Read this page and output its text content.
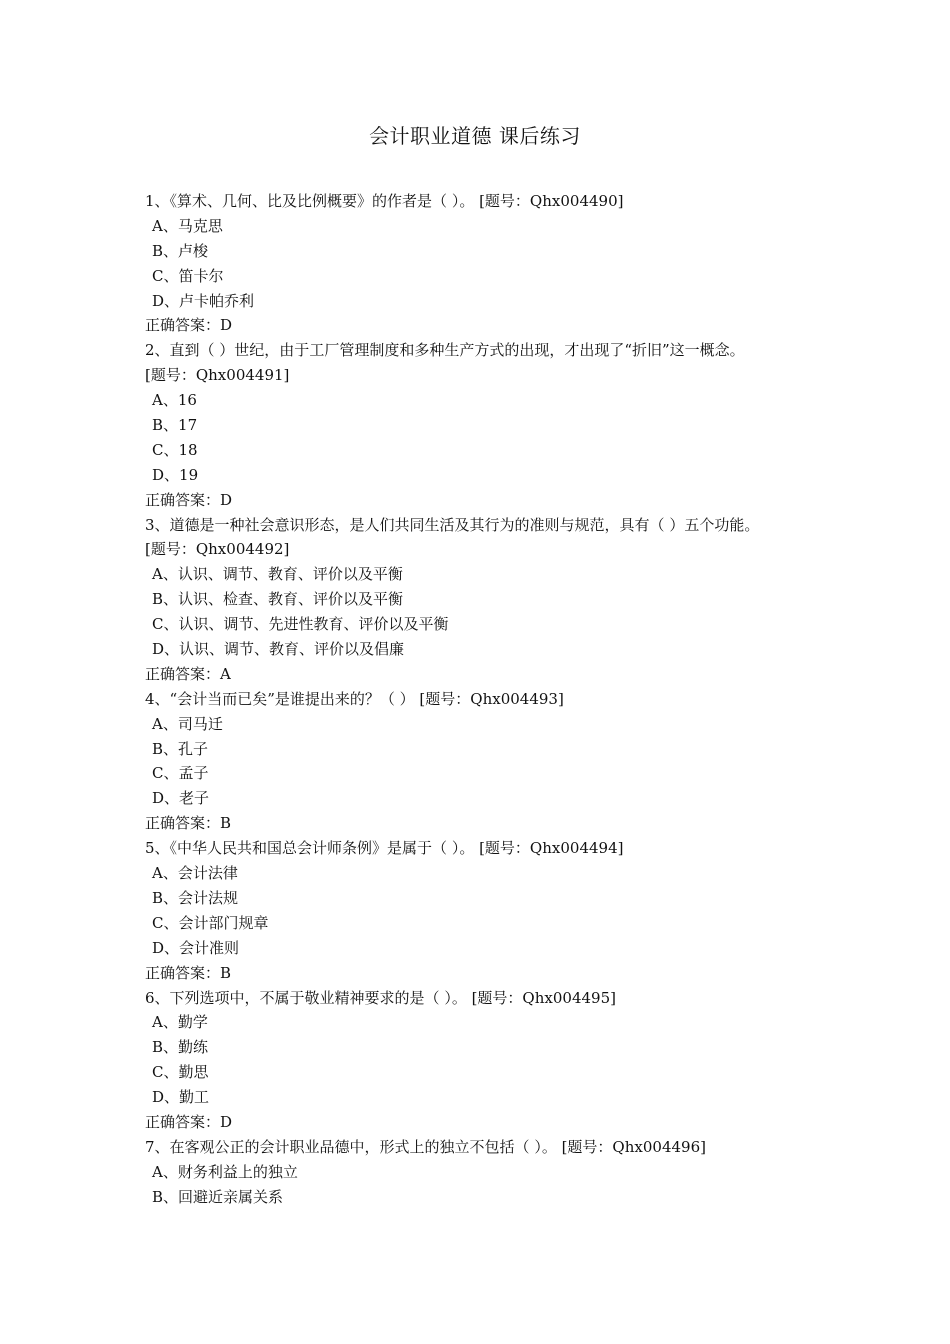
会计职业道德 课后练习
1、《算术、几何、比及比例概要》的作者是（ ）。 [题号：Qhx004490]
A、马克思
B、卢梭
C、笛卡尔
D、卢卡帕乔利
正确答案：D
2、直到（ ）世纪，由于工厂管理制度和多种生产方式的出现，才出现了“折旧”这一概念。
[题号：Qhx004491]
A、16
B、17
C、18
D、19
正确答案：D
3、道德是一种社会意识形态，是人们共同生活及其行为的准则与规范，具有（ ）五个功能。
[题号：Qhx004492]
A、认识、调节、教育、评价以及平衡
B、认识、检查、教育、评价以及平衡
C、认识、调节、先进性教育、评价以及平衡
D、认识、调节、教育、评价以及倡廉
正确答案：A
4、“会计当而已矣”是谁提出来的？（ ） [题号：Qhx004493]
A、司马迁
B、孔子
C、孟子
D、老子
正确答案：B
5、《中华人民共和国总会计师条例》是属于（ ）。 [题号：Qhx004494]
A、会计法律
B、会计法规
C、会计部门规章
D、会计准则
正确答案：B
6、下列选项中，不属于敬业精神要求的是（ ）。 [题号：Qhx004495]
A、勤学
B、勤练
C、勤思
D、勤工
正确答案：D
7、在客观公正的会计职业品德中，形式上的独立不包括（ ）。 [题号：Qhx004496]
A、财务利益上的独立
B、回避近亲属关系
